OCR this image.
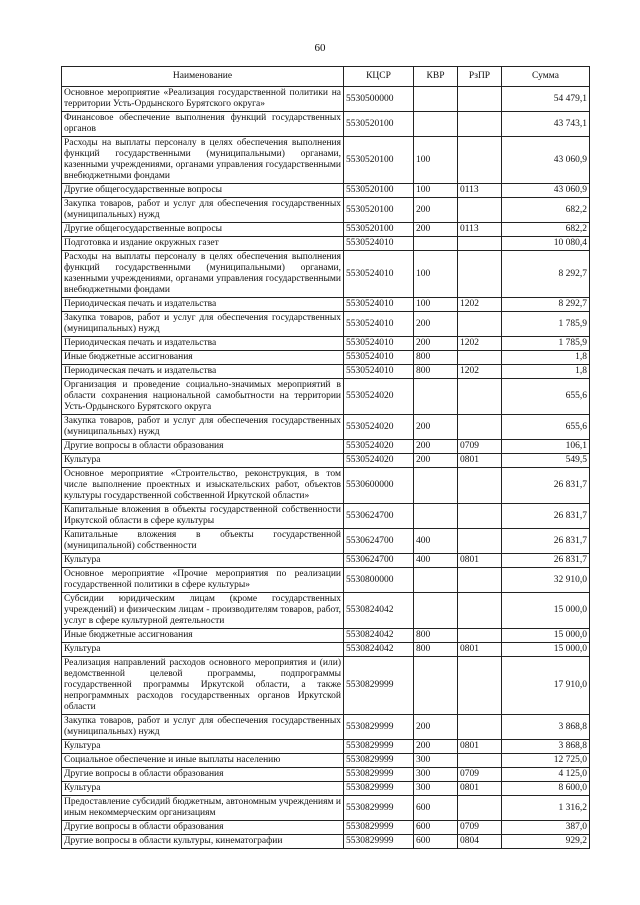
60
Наименование	КЦСР	КВР	РзПР	Сумма
Основное мероприятие «Реализация государственной политики на территории Усть-Ордынского Бурятского округа»	5530500000			54 479,1
Финансовое обеспечение выполнения функций государственных органов	5530520100			43 743,1
Расходы на выплаты персоналу в целях обеспечения выполнения функций государственными (муниципальными) органами, казенными учреждениями, органами управления государственными внебюджетными фондами	5530520100	100		43 060,9
Другие общегосударственные вопросы	5530520100	100	0113	43 060,9
Закупка товаров, работ и услуг для обеспечения государственных (муниципальных) нужд	5530520100	200		682,2
Другие общегосударственные вопросы	5530520100	200	0113	682,2
Подготовка и издание окружных газет	5530524010			10 080,4
Расходы на выплаты персоналу в целях обеспечения выполнения функций государственными (муниципальными) органами, казенными учреждениями, органами управления государственными внебюджетными фондами	5530524010	100		8 292,7
Периодическая печать и издательства	5530524010	100	1202	8 292,7
Закупка товаров, работ и услуг для обеспечения государственных (муниципальных) нужд	5530524010	200		1 785,9
Периодическая печать и издательства	5530524010	200	1202	1 785,9
Иные бюджетные ассигнования	5530524010	800		1,8
Периодическая печать и издательства	5530524010	800	1202	1,8
Организация и проведение социально-значимых мероприятий в области сохранения национальной самобытности на территории Усть-Ордынского Бурятского округа	5530524020			655,6
Закупка товаров, работ и услуг для обеспечения государственных (муниципальных) нужд	5530524020	200		655,6
Другие вопросы в области образования	5530524020	200	0709	106,1
Культура	5530524020	200	0801	549,5
Основное мероприятие «Строительство, реконструкция, в том числе выполнение проектных и изыскательских работ, объектов культуры государственной собственной Иркутской области»	5530600000			26 831,7
Капитальные вложения в объекты государственной собственности Иркутской области в сфере культуры	5530624700			26 831,7
Капитальные вложения в объекты государственной (муниципальной) собственности	5530624700	400		26 831,7
Культура	5530624700	400	0801	26 831,7
Основное мероприятие «Прочие мероприятия по реализации государственной политики в сфере культуры»	5530800000			32 910,0
Субсидии юридическим лицам (кроме государственных учреждений) и физическим лицам - производителям товаров, работ, услуг в сфере культурной деятельности	5530824042			15 000,0
Иные бюджетные ассигнования	5530824042	800		15 000,0
Культура	5530824042	800	0801	15 000,0
Реализация направлений расходов основного мероприятия и (или) ведомственной целевой программы, подпрограммы государственной программы Иркутской области, а также непрограммных расходов государственных органов Иркутской области	5530829999			17 910,0
Закупка товаров, работ и услуг для обеспечения государственных (муниципальных) нужд	5530829999	200		3 868,8
Культура	5530829999	200	0801	3 868,8
Социальное обеспечение и иные выплаты населению	5530829999	300		12 725,0
Другие вопросы в области образования	5530829999	300	0709	4 125,0
Культура	5530829999	300	0801	8 600,0
Предоставление субсидий бюджетным, автономным учреждениям и иным некоммерческим организациям	5530829999	600		1 316,2
Другие вопросы в области образования	5530829999	600	0709	387,0
Другие вопросы в области культуры, кинематографии	5530829999	600	0804	929,2
